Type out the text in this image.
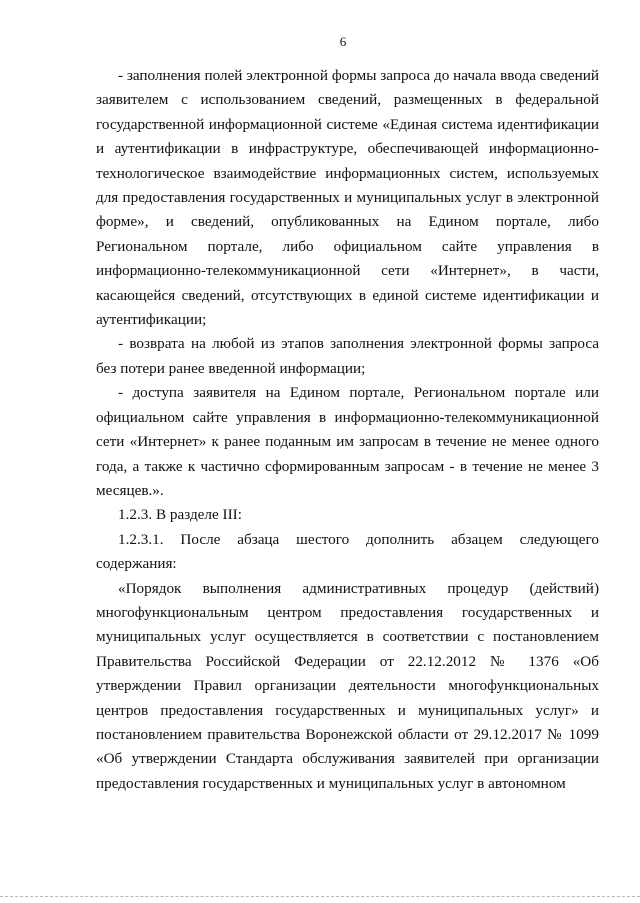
6

- заполнения полей электронной формы запроса до начала ввода сведений заявителем с использованием сведений, размещенных в федеральной государственной информационной системе «Единая система идентификации и аутентификации в инфраструктуре, обеспечивающей информационно-технологическое взаимодействие информационных систем, используемых для предоставления государственных и муниципальных услуг в электронной форме», и сведений, опубликованных на Едином портале, либо Региональном портале, либо официальном сайте управления в информационно-телекоммуникационной сети «Интернет», в части, касающейся сведений, отсутствующих в единой системе идентификации и аутентификации;

- возврата на любой из этапов заполнения электронной формы запроса без потери ранее введенной информации;

- доступа заявителя на Едином портале, Региональном портале или официальном сайте управления в информационно-телекоммуникационной сети «Интернет» к ранее поданным им запросам в течение не менее одного года, а также к частично сформированным запросам - в течение не менее 3 месяцев.».

1.2.3. В разделе III:

1.2.3.1. После абзаца шестого дополнить абзацем следующего содержания:

«Порядок выполнения административных процедур (действий) многофункциональным центром предоставления государственных и муниципальных услуг осуществляется в соответствии с постановлением Правительства Российской Федерации от 22.12.2012 № 1376 «Об утверждении Правил организации деятельности многофункциональных центров предоставления государственных и муниципальных услуг» и постановлением правительства Воронежской области от 29.12.2017 № 1099 «Об утверждении Стандарта обслуживания заявителей при организации предоставления государственных и муниципальных услуг в автономном
